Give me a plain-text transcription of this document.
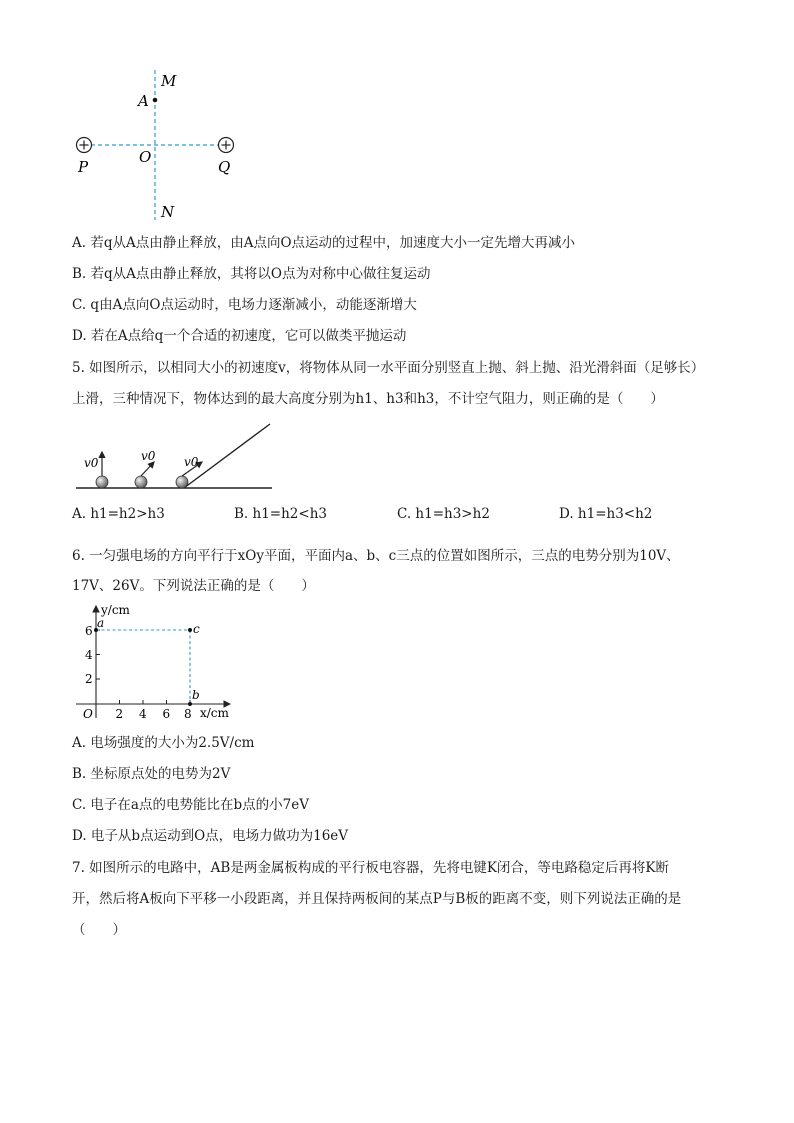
M
A
P
O
Q
N
A. 若q从A点由静止释放，由A点向O点运动的过程中，加速度大小一定先增大再减小
B. 若q从A点由静止释放，其将以O点为对称中心做往复运动
C. q由A点向O点运动时，电场力逐渐减小，动能逐渐增大
D. 若在A点给q一个合适的初速度，它可以做类平抛运动
5. 如图所示，以相同大小的初速度v，将物体从同一水平面分别竖直上抛、斜上抛、沿光滑斜面（足够长）
上滑，三种情况下，物体达到的最大高度分别为h1、h3和h3，不计空气阻力，则正确的是（　　）
v0	v0 v0
A. h1=h2>h3	B. h1=h2<h3	C. h1=h3>h2	D. h1=h3<h2
6. 一匀强电场的方向平行于xOy平面，平面内a、b、c三点的位置如图所示，三点的电势分别为10V、
17V、26V。下列说法正确的是（　　）
y/cm
x/cm
O 2 4 6 8
2
4
6
a	c
b
A. 电场强度的大小为2.5V/cm
B. 坐标原点处的电势为2V
C. 电子在a点的电势能比在b点的小7eV
D. 电子从b点运动到O点，电场力做功为16eV
7. 如图所示的电路中，AB是两金属板构成的平行板电容器，先将电键K闭合，等电路稳定后再将K断
开，然后将A板向下平移一小段距离，并且保持两板间的某点P与B板的距离不变，则下列说法正确的是
（　　）
